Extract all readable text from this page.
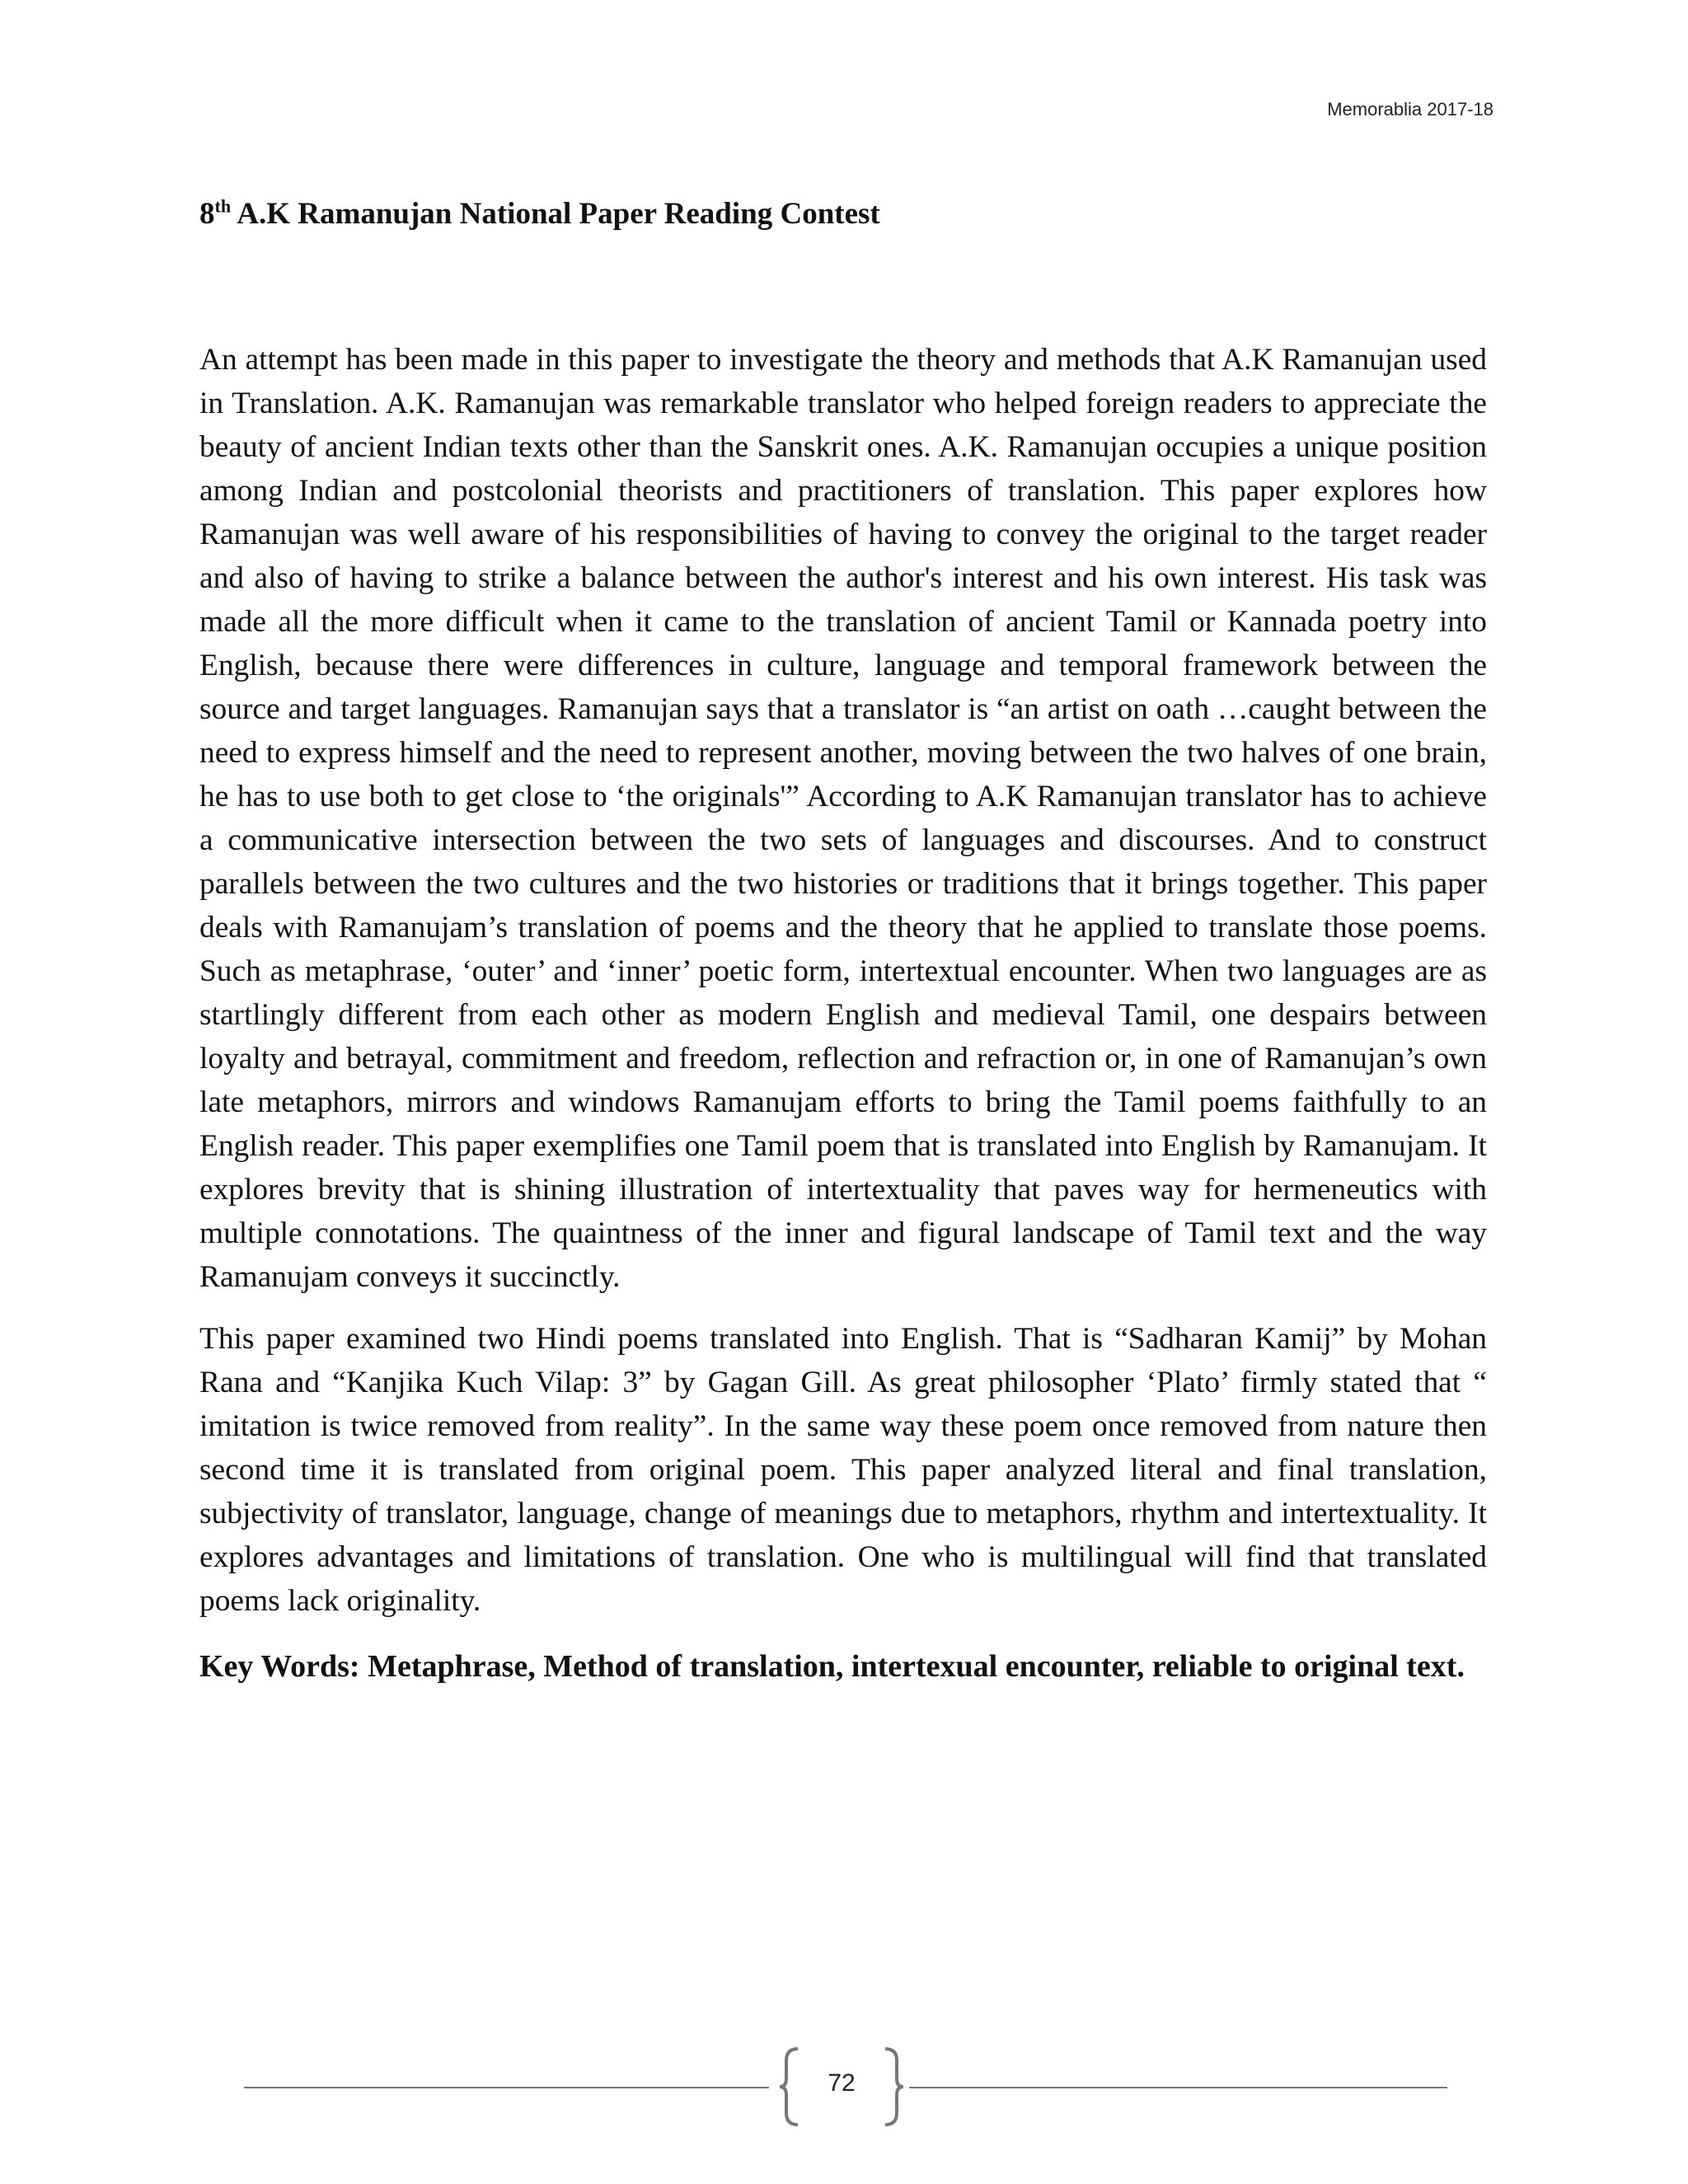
Memorablia 2017-18
8th A.K Ramanujan National Paper Reading Contest

An attempt has been made in this paper to investigate the theory and methods that A.K Ramanujan used in Translation. A.K. Ramanujan was remarkable translator who helped foreign readers to appreciate the beauty of ancient Indian texts other than the Sanskrit ones. A.K. Ramanujan occupies a unique position among Indian and postcolonial theorists and practitioners of translation. This paper explores how Ramanujan was well aware of his responsibilities of having to convey the original to the target reader and also of having to strike a balance between the author's interest and his own interest. His task was made all the more difficult when it came to the translation of ancient Tamil or Kannada poetry into English, because there were differences in culture, language and temporal framework between the source and target languages. Ramanujan says that a translator is “an artist on oath …caught between the need to express himself and the need to represent another, moving between the two halves of one brain, he has to use both to get close to ‘the originals'” According to A.K Ramanujan translator has to achieve a communicative intersection between the two sets of languages and discourses. And to construct parallels between the two cultures and the two histories or traditions that it brings together. This paper deals with Ramanujam’s translation of poems and the theory that he applied to translate those poems. Such as metaphrase, ‘outer’ and ‘inner’ poetic form, intertextual encounter. When two languages are as startlingly different from each other as modern English and medieval Tamil, one despairs between loyalty and betrayal, commitment and freedom, reflection and refraction or, in one of Ramanujan’s own late metaphors, mirrors and windows Ramanujam efforts to bring the Tamil poems faithfully to an English reader. This paper exemplifies one Tamil poem that is translated into English by Ramanujam. It explores brevity that is shining illustration of intertextuality that paves way for hermeneutics with multiple connotations. The quaintness of the inner and figural landscape of Tamil text and the way Ramanujam conveys it succinctly.

This paper examined two Hindi poems translated into English. That is “Sadharan Kamij” by Mohan Rana and “Kanjika Kuch Vilap: 3” by Gagan Gill. As great philosopher ‘Plato’ firmly stated that “ imitation is twice removed from reality”. In the same way these poem once removed from nature then second time it is translated from original poem. This paper analyzed literal and final translation, subjectivity of translator, language, change of meanings due to metaphors, rhythm and intertextuality. It explores advantages and limitations of translation. One who is multilingual will find that translated poems lack originality.

Key Words: Metaphrase, Method of translation, intertexual encounter, reliable to original text.

72
